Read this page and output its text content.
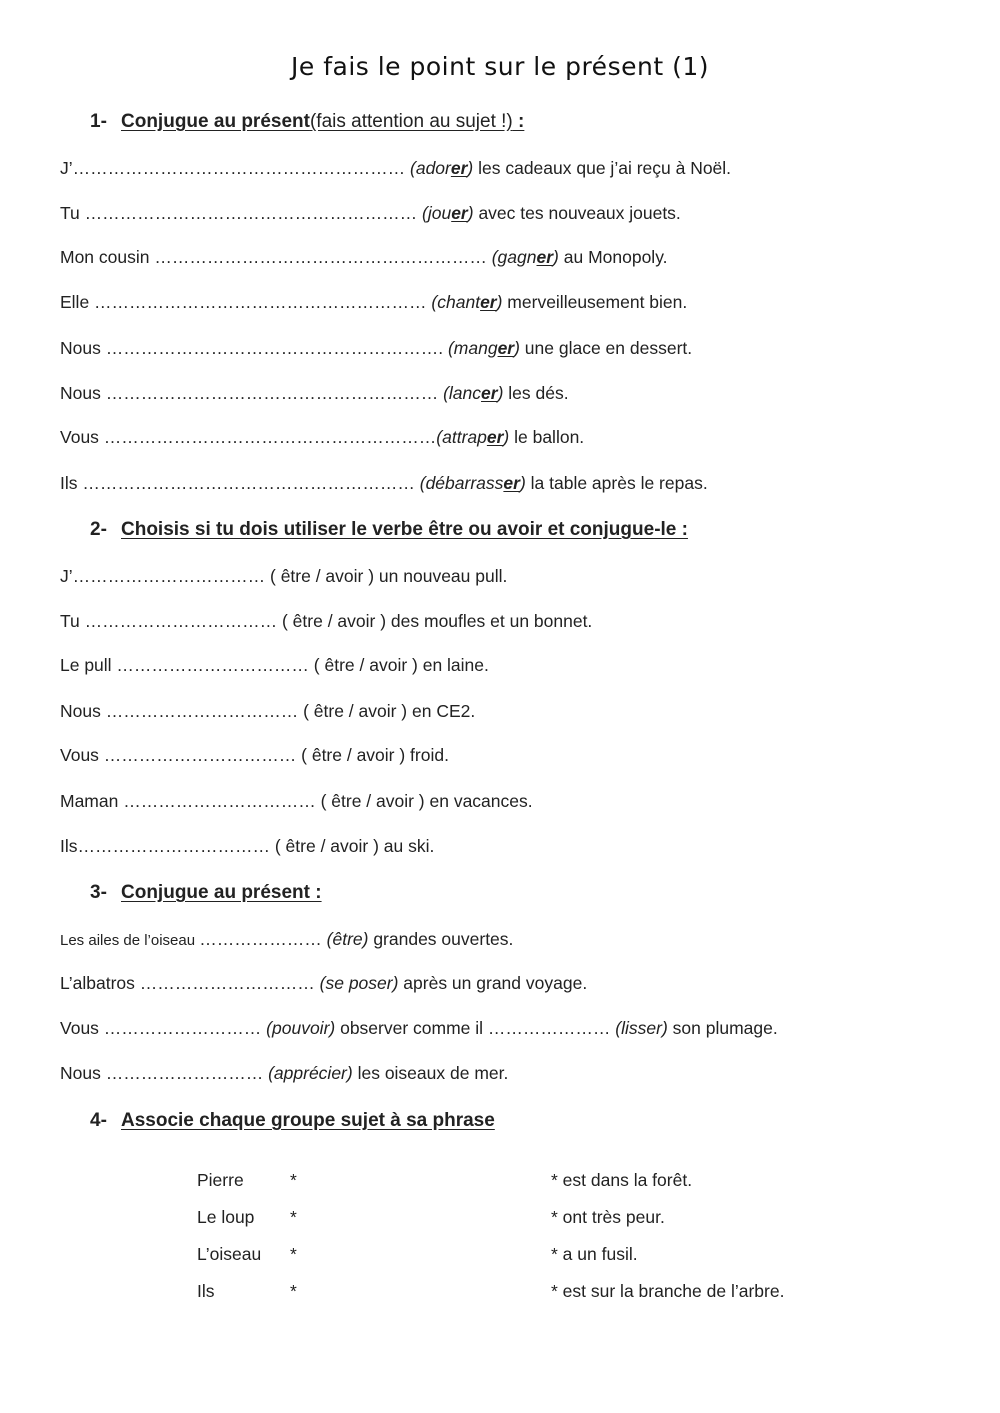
Je fais le point sur le présent (1)
1- Conjugue au présent(fais attention au sujet !) :
J’………………………………………………… (adorer) les cadeaux que j’ai reçu à Noël.
Tu ………………………………………………… (jouer) avec tes nouveaux jouets.
Mon cousin ………………………………………………… (gagner) au Monopoly.
Elle ………………………………………………… (chanter) merveilleusement bien.
Nous …………………………………………………. (manger) une glace en dessert.
Nous ………………………………………………… (lancer) les dés.
Vous …………………………………………………(attraper) le ballon.
Ils ………………………………………………… (débarrasser) la table après le repas.
2- Choisis si tu dois utiliser le verbe être ou avoir et conjugue-le :
J’…………………………… ( être / avoir ) un nouveau pull.
Tu …………………………… ( être / avoir ) des moufles et un bonnet.
Le pull …………………………… ( être / avoir ) en laine.
Nous …………………………… ( être / avoir ) en CE2.
Vous …………………………… ( être / avoir ) froid.
Maman …………………………… ( être / avoir ) en vacances.
Ils…………………………… ( être / avoir ) au ski.
3- Conjugue au présent :
Les ailes de l’oiseau ………………… (être) grandes ouvertes.
L’albatros ………………………… (se poser) après un grand voyage.
Vous ……………………… (pouvoir) observer comme il ………………… (lisser) son plumage.
Nous ……………………… (apprécier) les oiseaux de mer.
4- Associe chaque groupe sujet à sa phrase
Pierre
Le loup
L’oiseau
Ils
*
*
*
*
* est dans la forêt.
* ont très peur.
* a un fusil.
* est sur la branche de l’arbre.
